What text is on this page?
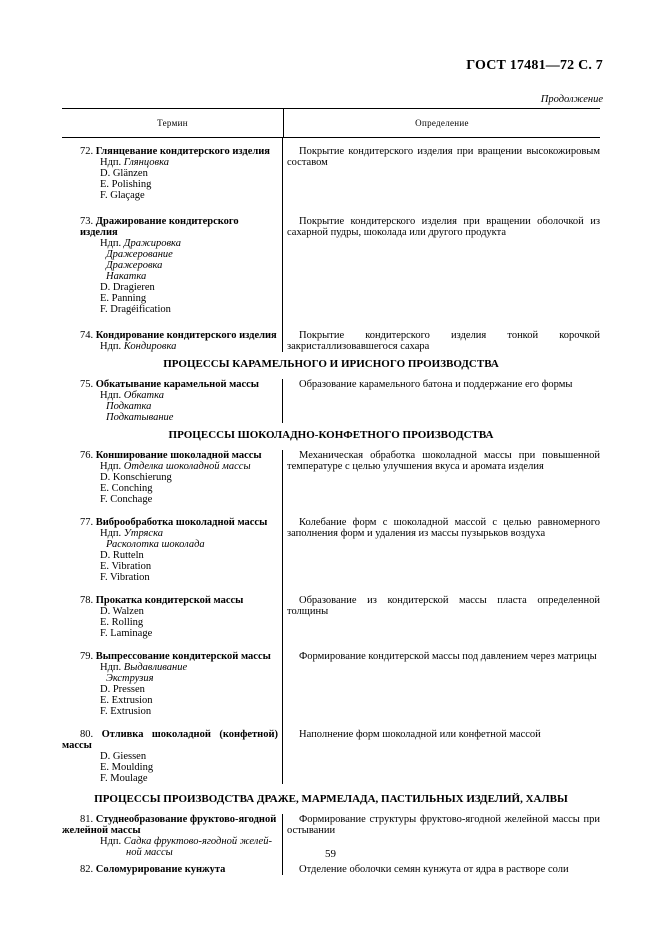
ГОСТ 17481—72 С. 7
Продолжение
Термин	Определение
72. Глянцевание кондитерского изделия
Ндп. Глянцовка
D. Glänzen
E. Polishing
F. Glaçage
Покрытие кондитерского изделия при вращении высокожировым составом
73. Дражирование кондитерского изделия
Ндп. Дражировка
Дражерование
Дражеровка
Накатка
D. Dragieren
E. Panning
F. Dragéification
Покрытие кондитерского изделия при вращении оболочкой из сахарной пудры, шоколада или другого продукта
74. Кондирование кондитерского изделия
Ндп. Кондировка
Покрытие кондитерского изделия тонкой корочкой закристаллизовавшегося сахара
ПРОЦЕССЫ КАРАМЕЛЬНОГО И ИРИСНОГО ПРОИЗВОДСТВА
75. Обкатывание карамельной массы
Ндп. Обкатка
Подкатка
Подкатывание
Образование карамельного батона и поддержание его формы
ПРОЦЕССЫ ШОКОЛАДНО-КОНФЕТНОГО ПРОИЗВОДСТВА
76. Конширование шоколадной массы
Ндп. Отделка шоколадной массы
D. Konschierung
E. Conching
F. Conchage
Механическая обработка шоколадной массы при повышенной температуре с целью улучшения вкуса и аромата изделия
77. Виброобработка шоколадной массы
Ндп. Утряска
Расколотка шоколада
D. Rutteln
E. Vibration
F. Vibration
Колебание форм с шоколадной массой с целью равномерного заполнения форм и удаления из массы пузырьков воздуха
78. Прокатка кондитерской массы
D. Walzen
E. Rolling
F. Laminage
Образование из кондитерской массы пласта определенной толщины
79. Выпрессование кондитерской массы
Ндп. Выдавливание
Экструзия
D. Pressen
E. Extrusion
F. Extrusion
Формирование кондитерской массы под давлением через матрицы
80. Отливка шоколадной (конфетной)
массы
D. Giessen
E. Moulding
F. Moulage
Наполнение форм шоколадной или конфетной массой
ПРОЦЕССЫ ПРОИЗВОДСТВА ДРАЖЕ, МАРМЕЛАДА, ПАСТИЛЬНЫХ ИЗДЕЛИЙ, ХАЛВЫ
81. Студнеобразование фруктово-ягодной
желейной массы
Ндп. Садка фруктово-ягодной желей-
ной массы
Формирование структуры фруктово-ягодной желейной массы при остывании
82. Соломурирование кунжута	Отделение оболочки семян кунжута от ядра в растворе соли
59
